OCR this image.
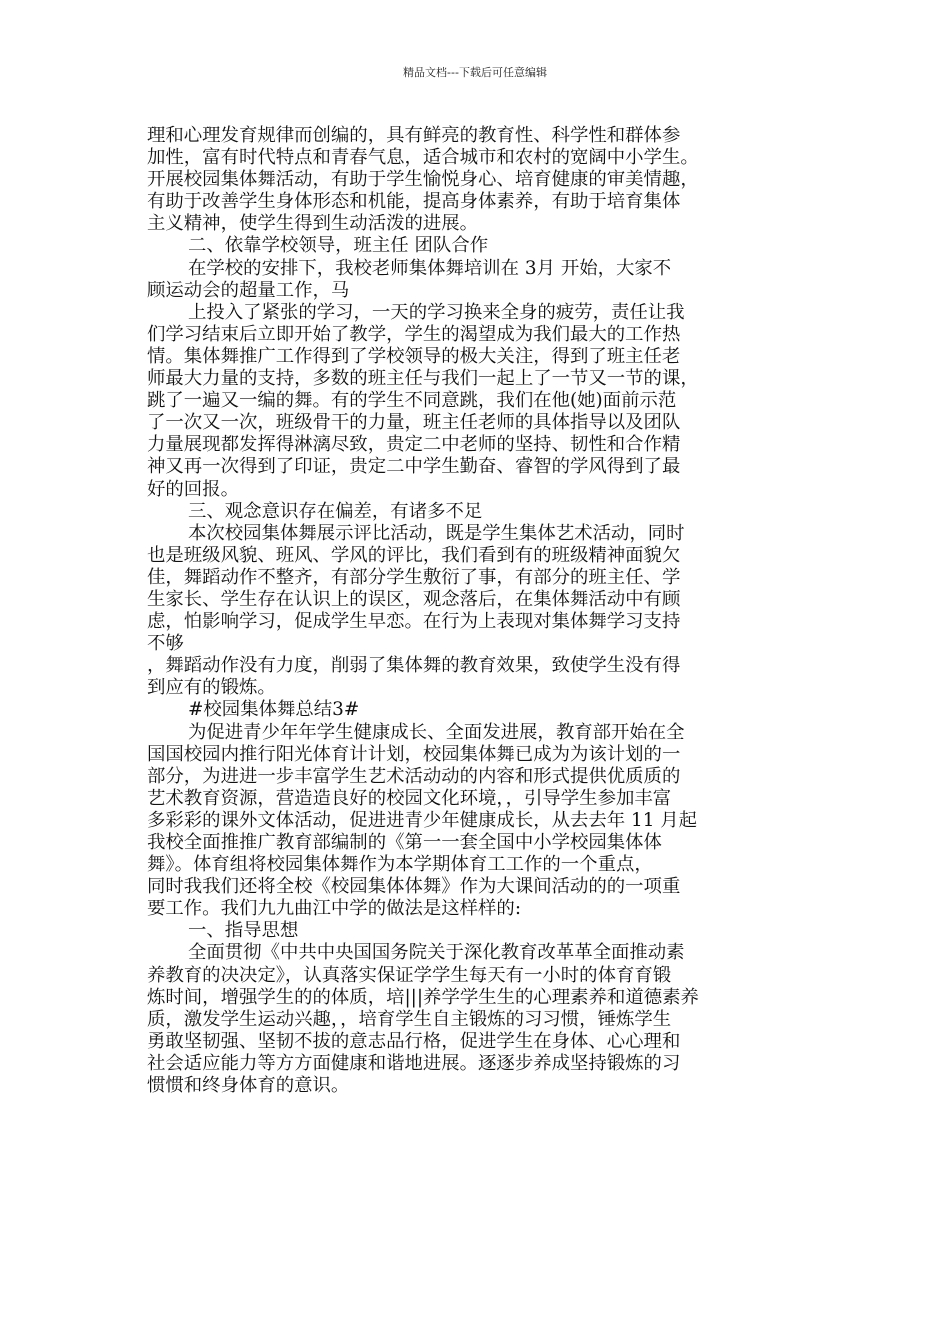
精品文档---下载后可任意编辑
理和心理发育规律而创编的，具有鲜亮的教育性、科学性和群体参
加性，富有时代特点和青春气息，适合城市和农村的宽阔中小学生。
开展校园集体舞活动，有助于学生愉悦身心、培育健康的审美情趣，
有助于改善学生身体形态和机能，提高身体素养，有助于培育集体
主义精神，使学生得到生动活泼的进展。
二、依靠学校领导，班主任 团队合作
在学校的安排下，我校老师集体舞培训在 3月 开始，大家不
顾运动会的超量工作，马
上投入了紧张的学习，一天的学习换来全身的疲劳，责任让我
们学习结束后立即开始了教学，学生的渴望成为我们最大的工作热
情。集体舞推广工作得到了学校领导的极大关注，得到了班主任老
师最大力量的支持，多数的班主任与我们一起上了一节又一节的课，
跳了一遍又一编的舞。有的学生不同意跳，我们在他(她)面前示范
了一次又一次，班级骨干的力量，班主任老师的具体指导以及团队
力量展现都发挥得淋漓尽致，贵定二中老师的坚持、韧性和合作精
神又再一次得到了印证，贵定二中学生勤奋、睿智的学风得到了最
好的回报。
三、观念意识存在偏差，有诸多不足
本次校园集体舞展示评比活动，既是学生集体艺术活动，同时
也是班级风貌、班风、学风的评比，我们看到有的班级精神面貌欠
佳，舞蹈动作不整齐，有部分学生敷衍了事，有部分的班主任、学
生家长、学生存在认识上的误区，观念落后，在集体舞活动中有顾
虑，怕影响学习，促成学生早恋。在行为上表现对集体舞学习支持
不够
，舞蹈动作没有力度，削弱了集体舞的教育效果，致使学生没有得
到应有的锻炼。
#校园集体舞总结3#
为促进青少年年学生健康成长、全面发进展，教育部开始在全
国国校园内推行阳光体育计计划，校园集体舞已成为为该计划的一
部分，为进进一步丰富学生艺术活动动的内容和形式提供优质质的
艺术教育资源，营造造良好的校园文化环境，，引导学生参加丰富
多彩彩的课外文体活动，促进进青少年健康成长，从去去年 11 月起
我校全面推推广教育部编制的《第一一套全国中小学校园集体体
舞》。体育组将校园集体舞作为本学期体育工工作的一个重点，
同时我我们还将全校《校园集体体舞》作为大课间活动的的一项重
要工作。我们九九曲江中学的做法是这样样的:
一、指导思想
全面贯彻《中共中央国国务院关于深化教育改革革全面推动素
养教育的决决定》，认真落实保证学学生每天有一小时的体育育锻
炼时间，增强学生的的体质，培|||养学学生生的心理素养和道德素养
质，激发学生运动兴趣，，培育学生自主锻炼的习习惯，锤炼学生
勇敢坚韧强、坚韧不拔的意志品行格，促进学生在身体、心心理和
社会适应能力等方方面健康和谐地进展。逐逐步养成坚持锻炼的习
惯惯和终身体育的意识。
